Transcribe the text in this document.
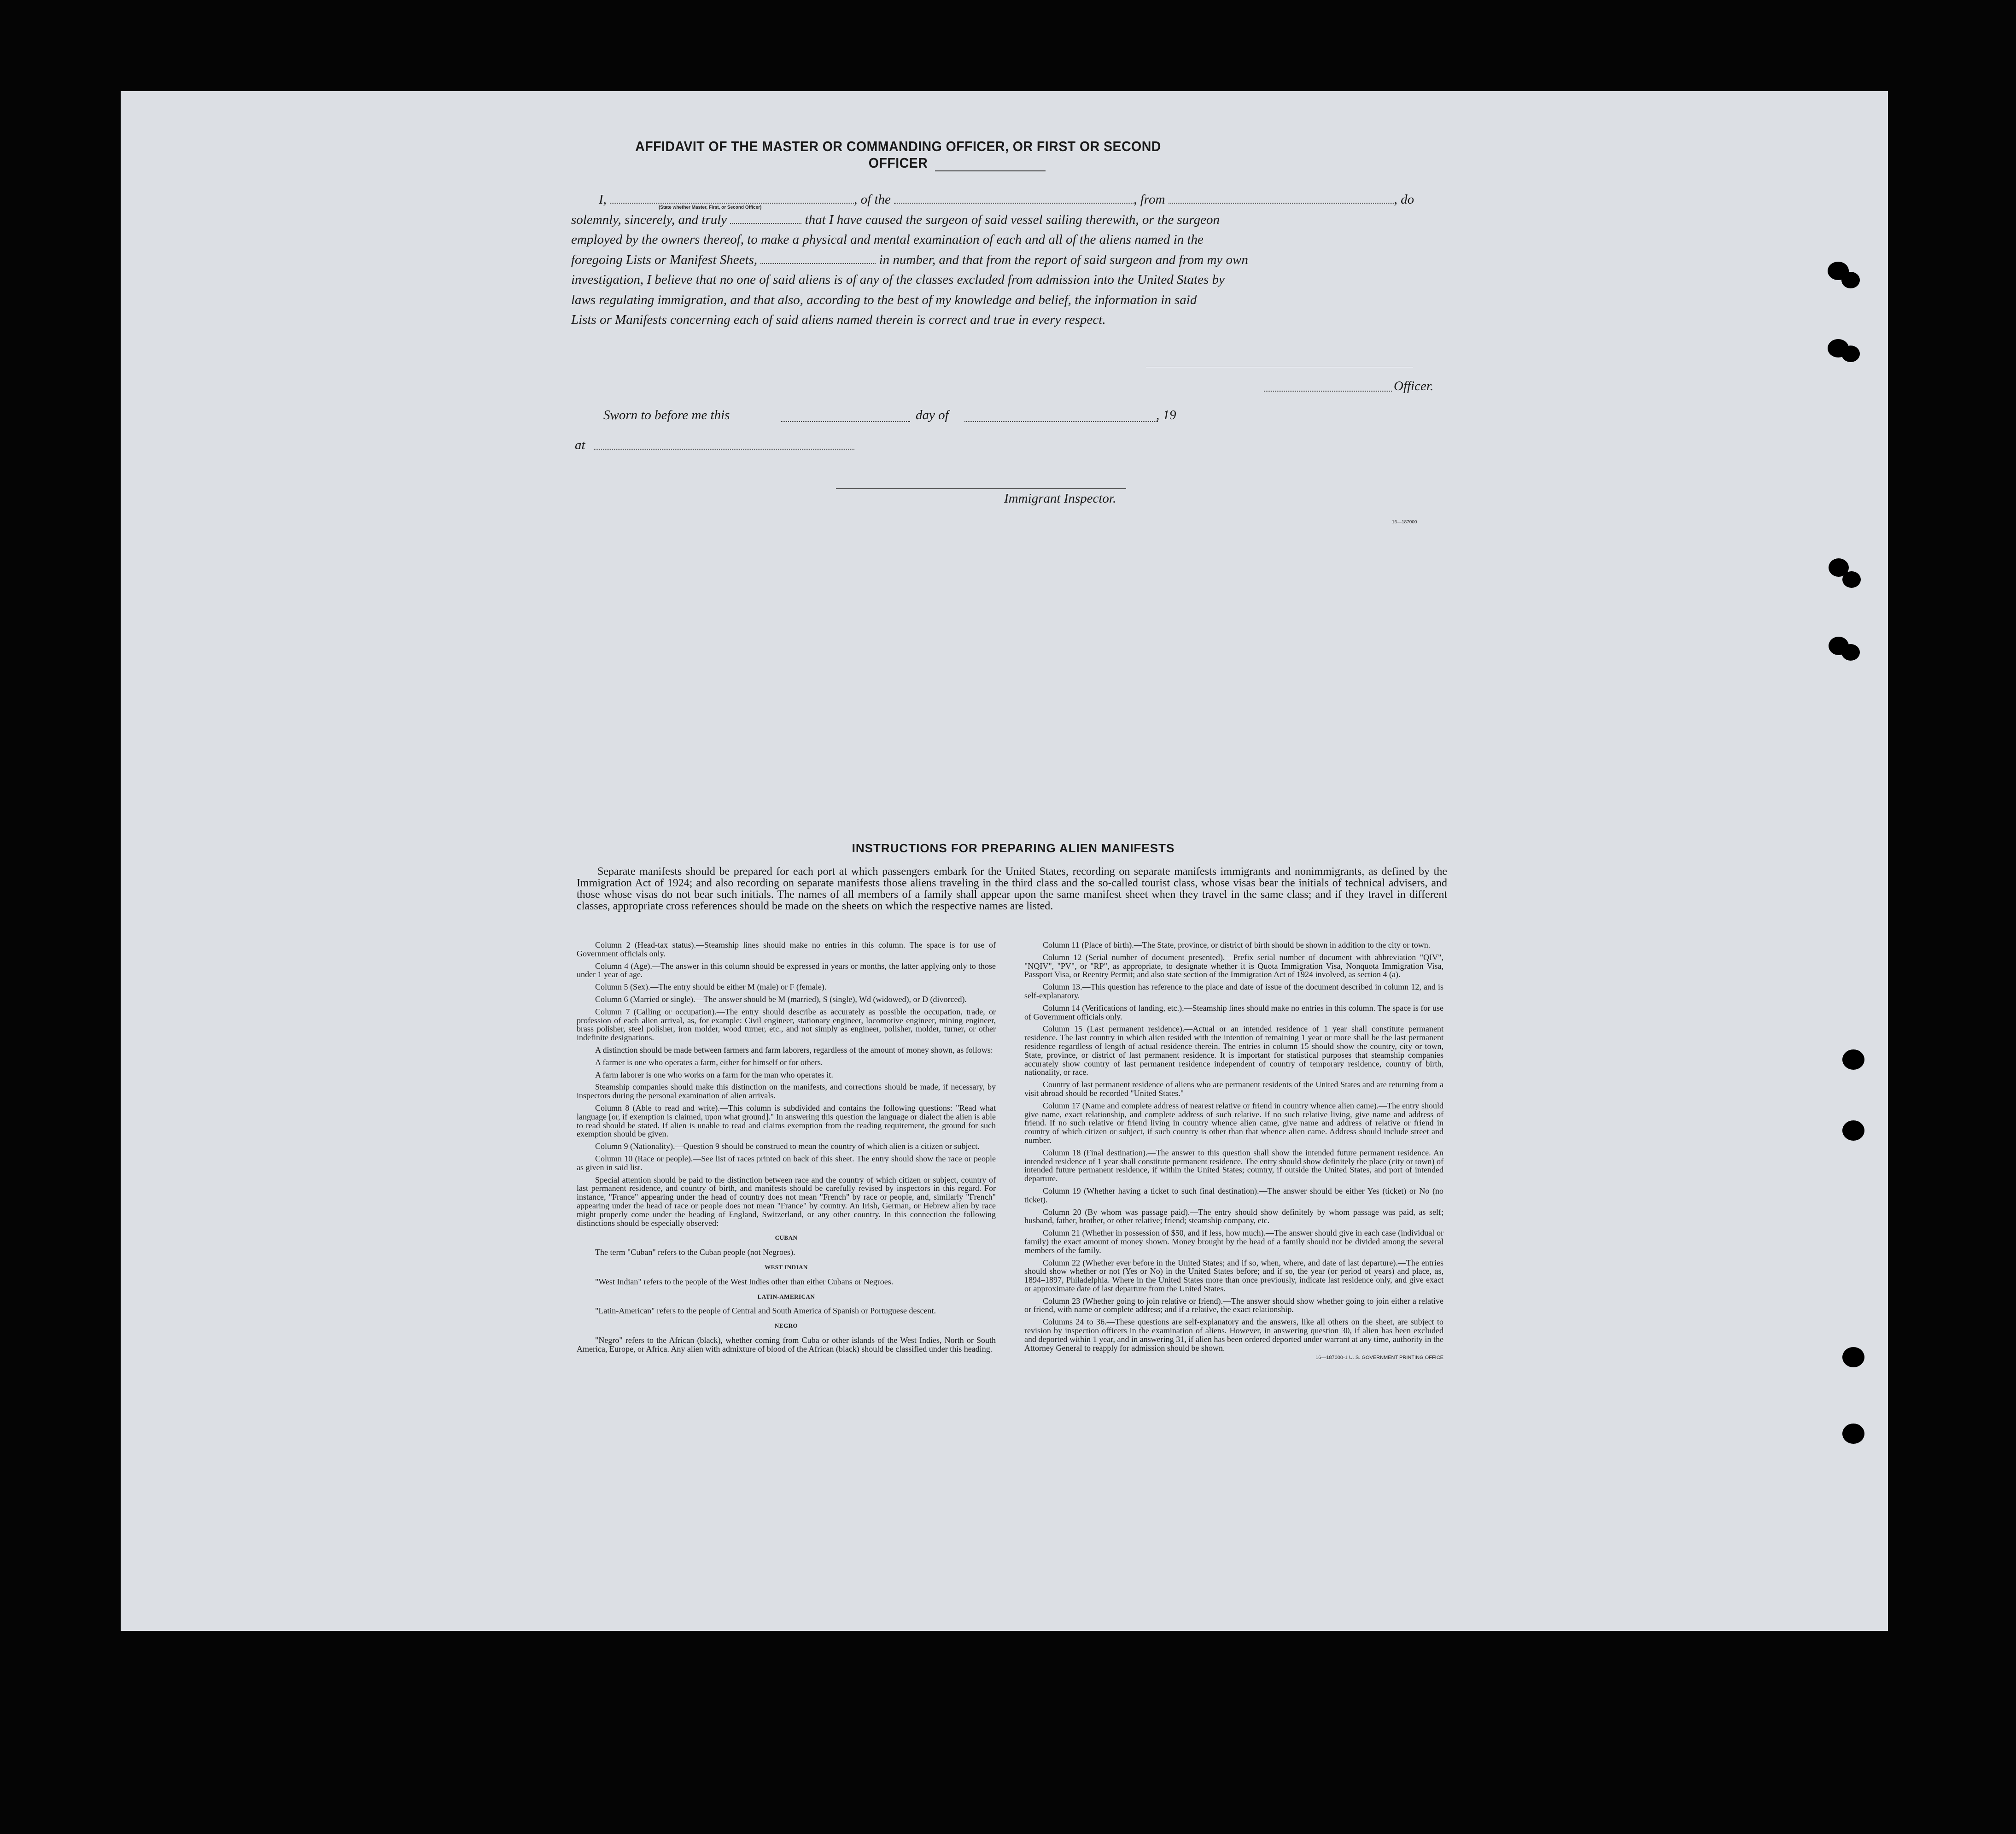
AFFIDAVIT OF THE MASTER OR COMMANDING OFFICER, OR FIRST OR SECOND OFFICER
I,	, of the	, from	, do
solemnly, sincerely, and truly	that I have caused the surgeon of said vessel sailing therewith, or the surgeon
employed by the owners thereof, to make a physical and mental examination of each and all of the aliens named in the
foregoing Lists or Manifest Sheets,	in number, and that from the report of said surgeon and from my own
investigation, I believe that no one of said aliens is of any of the classes excluded from admission into the United States by
laws regulating immigration, and that also, according to the best of my knowledge and belief, the information in said
Lists or Manifests concerning each of said aliens named therein is correct and true in every respect.
(State whether Master, First, or Second Officer)
Officer.
Sworn to before me this	day of	, 19
at
Immigrant Inspector.
16—187000
INSTRUCTIONS FOR PREPARING ALIEN MANIFESTS
Separate manifests should be prepared for each port at which passengers embark for the United States, recording on separate manifests immigrants and nonimmigrants, as defined by the Immigration Act of 1924; and also recording on separate manifests those aliens traveling in the third class and the so-called tourist class, whose visas bear the initials of technical advisers, and those whose visas do not bear such initials. The names of all members of a family shall appear upon the same manifest sheet when they travel in the same class; and if they travel in different classes, appropriate cross references should be made on the sheets on which the respective names are listed.

Column 2 (Head-tax status).—Steamship lines should make no entries in this column. The space is for use of Government officials only.

Column 4 (Age).—The answer in this column should be expressed in years or months, the latter applying only to those under 1 year of age.

Column 5 (Sex).—The entry should be either M (male) or F (female).

Column 6 (Married or single).—The answer should be M (married), S (single), Wd (widowed), or D (divorced).

Column 7 (Calling or occupation).—The entry should describe as accurately as possible the occupation, trade, or profession of each alien arrival, as, for example: Civil engineer, stationary engineer, locomotive engineer, mining engineer, brass polisher, steel polisher, iron molder, wood turner, etc., and not simply as engineer, polisher, molder, turner, or other indefinite designations.

A distinction should be made between farmers and farm laborers, regardless of the amount of money shown, as follows:

A farmer is one who operates a farm, either for himself or for others.

A farm laborer is one who works on a farm for the man who operates it.

Steamship companies should make this distinction on the manifests, and corrections should be made, if necessary, by inspectors during the personal examination of alien arrivals.

Column 8 (Able to read and write).—This column is subdivided and contains the following questions: "Read what language [or, if exemption is claimed, upon what ground]." In answering this question the language or dialect the alien is able to read should be stated. If alien is unable to read and claims exemption from the reading requirement, the ground for such exemption should be given.

Column 9 (Nationality).—Question 9 should be construed to mean the country of which alien is a citizen or subject.

Column 10 (Race or people).—See list of races printed on back of this sheet. The entry should show the race or people as given in said list.

Special attention should be paid to the distinction between race and the country of which citizen or subject, country of last permanent residence, and country of birth, and manifests should be carefully revised by inspectors in this regard. For instance, "France" appearing under the head of country does not mean "French" by race or people, and, similarly "French" appearing under the head of race or people does not mean "France" by country. An Irish, German, or Hebrew alien by race might properly come under the heading of England, Switzerland, or any other country. In this connection the following distinctions should be especially observed:

CUBAN

The term "Cuban" refers to the Cuban people (not Negroes).

WEST INDIAN

"West Indian" refers to the people of the West Indies other than either Cubans or Negroes.

LATIN-AMERICAN

"Latin-American" refers to the people of Central and South America of Spanish or Portuguese descent.

NEGRO

"Negro" refers to the African (black), whether coming from Cuba or other islands of the West Indies, North or South America, Europe, or Africa. Any alien with admixture of blood of the African (black) should be classified under this heading.

Column 11 (Place of birth).—The State, province, or district of birth should be shown in addition to the city or town.

Column 12 (Serial number of document presented).—Prefix serial number of document with abbreviation "QIV", "NQIV", "PV", or "RP", as appropriate, to designate whether it is Quota Immigration Visa, Nonquota Immigration Visa, Passport Visa, or Reentry Permit; and also state section of the Immigration Act of 1924 involved, as section 4 (a).

Column 13.—This question has reference to the place and date of issue of the document described in column 12, and is self-explanatory.

Column 14 (Verifications of landing, etc.).—Steamship lines should make no entries in this column. The space is for use of Government officials only.

Column 15 (Last permanent residence).—Actual or an intended residence of 1 year shall constitute permanent residence. The last country in which alien resided with the intention of remaining 1 year or more shall be the last permanent residence regardless of length of actual residence therein. The entries in column 15 should show the country, city or town, State, province, or district of last permanent residence. It is important for statistical purposes that steamship companies accurately show country of last permanent residence independent of country of temporary residence, country of birth, nationality, or race.

Country of last permanent residence of aliens who are permanent residents of the United States and are returning from a visit abroad should be recorded "United States."

Column 17 (Name and complete address of nearest relative or friend in country whence alien came).—The entry should give name, exact relationship, and complete address of such relative. If no such relative living, give name and address of friend. If no such relative or friend living in country whence alien came, give name and address of relative or friend in country of which citizen or subject, if such country is other than that whence alien came. Address should include street and number.

Column 18 (Final destination).—The answer to this question shall show the intended future permanent residence. An intended residence of 1 year shall constitute permanent residence. The entry should show definitely the place (city or town) of intended future permanent residence, if within the United States; country, if outside the United States, and port of intended departure.

Column 19 (Whether having a ticket to such final destination).—The answer should be either Yes (ticket) or No (no ticket).

Column 20 (By whom was passage paid).—The entry should show definitely by whom passage was paid, as self; husband, father, brother, or other relative; friend; steamship company, etc.

Column 21 (Whether in possession of $50, and if less, how much).—The answer should give in each case (individual or family) the exact amount of money shown. Money brought by the head of a family should not be divided among the several members of the family.

Column 22 (Whether ever before in the United States; and if so, when, where, and date of last departure).—The entries should show whether or not (Yes or No) in the United States before; and if so, the year (or period of years) and place, as, 1894–1897, Philadelphia. Where in the United States more than once previously, indicate last residence only, and give exact or approximate date of last departure from the United States.

Column 23 (Whether going to join relative or friend).—The answer should show whether going to join either a relative or friend, with name or complete address; and if a relative, the exact relationship.

Columns 24 to 36.—These questions are self-explanatory and the answers, like all others on the sheet, are subject to revision by inspection officers in the examination of aliens. However, in answering question 30, if alien has been excluded and deported within 1 year, and in answering 31, if alien has been ordered deported under warrant at any time, authority in the Attorney General to reapply for admission should be shown.

16—187000-1 U. S. GOVERNMENT PRINTING OFFICE
